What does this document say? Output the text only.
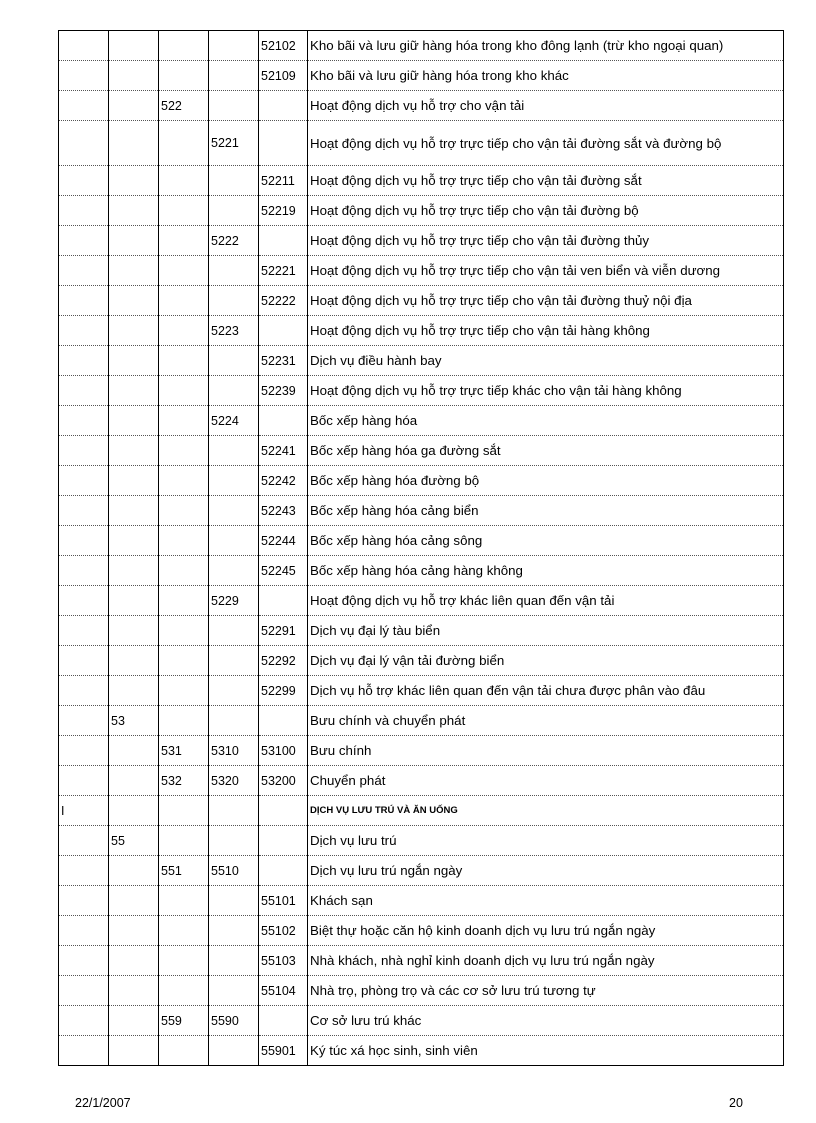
				52102	Kho bãi và lưu giữ hàng hóa trong kho đông lạnh (trừ kho ngoại quan)
				52109	Kho bãi và lưu giữ hàng hóa trong kho khác
		522			Hoạt động dịch vụ hỗ trợ cho vận tải
			5221		Hoạt động dịch vụ hỗ trợ trực tiếp cho vận tải đường sắt và đường bộ
				52211	Hoạt động dịch vụ hỗ trợ trực tiếp cho vận tải đường sắt
				52219	Hoạt động dịch vụ hỗ trợ trực tiếp cho vận tải đường bộ
			5222		Hoạt động dịch vụ hỗ trợ trực tiếp cho vận tải đường thủy
				52221	Hoạt động dịch vụ hỗ trợ trực tiếp cho vận tải ven biển và viễn dương
				52222	Hoạt động dịch vụ hỗ trợ trực tiếp cho vận tải đường thuỷ nội địa
			5223		Hoạt động dịch vụ hỗ trợ trực tiếp cho vận tải hàng không
				52231	Dịch vụ điều hành bay
				52239	Hoạt động dịch vụ hỗ trợ trực tiếp khác cho vận tải hàng không
			5224		Bốc xếp hàng hóa
				52241	Bốc xếp hàng hóa ga đường sắt
				52242	Bốc xếp hàng hóa đường bộ
				52243	Bốc xếp hàng hóa cảng biển
				52244	Bốc xếp hàng hóa cảng sông
				52245	Bốc xếp hàng hóa cảng hàng không
			5229		Hoạt động dịch vụ hỗ trợ khác liên quan đến vận tải
				52291	Dịch vụ đại lý tàu biển
				52292	Dịch vụ đại lý vận tải đường biển
				52299	Dịch vụ hỗ trợ khác liên quan đến vận tải chưa được phân vào đâu
	53				Bưu chính và chuyển phát
		531	5310	53100	Bưu chính
		532	5320	53200	Chuyển phát
I					DỊCH VỤ LƯU TRÚ VÀ ĂN UỐNG
	55				Dịch vụ lưu trú
		551	5510		Dịch vụ lưu trú ngắn ngày
				55101	Khách sạn
				55102	Biệt thự hoặc căn hộ kinh doanh dịch vụ lưu trú ngắn ngày
				55103	Nhà khách, nhà nghỉ kinh doanh dịch vụ lưu trú ngắn ngày
				55104	Nhà trọ, phòng trọ và các cơ sở lưu trú tương tự
		559	5590		Cơ sở lưu trú khác
				55901	Ký túc xá học sinh, sinh viên
22/1/2007	20
